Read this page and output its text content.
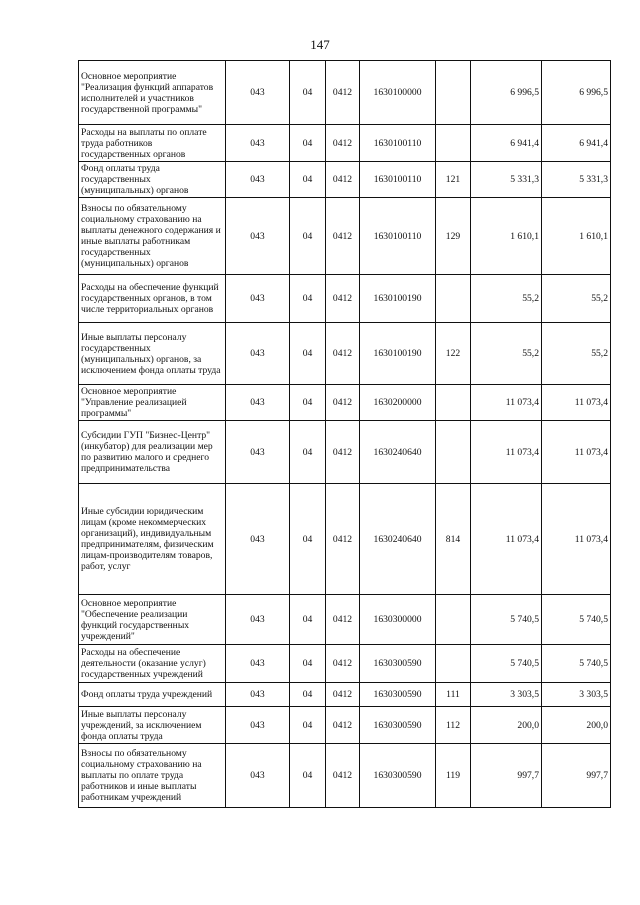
147
Основное мероприятие "Реализация функций аппаратов исполнителей и участников государственной программы"	043	04	0412	1630100000		6 996,5	6 996,5
Расходы на выплаты по оплате труда работников государственных органов	043	04	0412	1630100110		6 941,4	6 941,4
Фонд оплаты труда государственных (муниципальных) органов	043	04	0412	1630100110	121	5 331,3	5 331,3
Взносы по обязательному социальному страхованию на выплаты денежного содержания и иные выплаты работникам государственных (муниципальных) органов	043	04	0412	1630100110	129	1 610,1	1 610,1
Расходы на обеспечение функций государственных органов, в том числе территориальных органов	043	04	0412	1630100190		55,2	55,2
Иные выплаты персоналу государственных (муниципальных) органов, за исключением фонда оплаты труда	043	04	0412	1630100190	122	55,2	55,2
Основное мероприятие "Управление реализацией программы"	043	04	0412	1630200000		11 073,4	11 073,4
Субсидии ГУП "Бизнес-Центр" (инкубатор) для реализации мер по развитию малого и среднего предпринимательства	043	04	0412	1630240640		11 073,4	11 073,4
Иные субсидии юридическим лицам (кроме некоммерческих организаций), индивидуальным предпринимателям, физическим лицам-производителям товаров, работ, услуг	043	04	0412	1630240640	814	11 073,4	11 073,4
Основное мероприятие "Обеспечение реализации функций государственных учреждений"	043	04	0412	1630300000		5 740,5	5 740,5
Расходы на обеспечение деятельности (оказание услуг) государственных учреждений	043	04	0412	1630300590		5 740,5	5 740,5
Фонд оплаты труда учреждений	043	04	0412	1630300590	111	3 303,5	3 303,5
Иные выплаты персоналу учреждений, за исключением фонда оплаты труда	043	04	0412	1630300590	112	200,0	200,0
Взносы по обязательному социальному страхованию на выплаты по оплате труда работников и иные выплаты работникам учреждений	043	04	0412	1630300590	119	997,7	997,7
